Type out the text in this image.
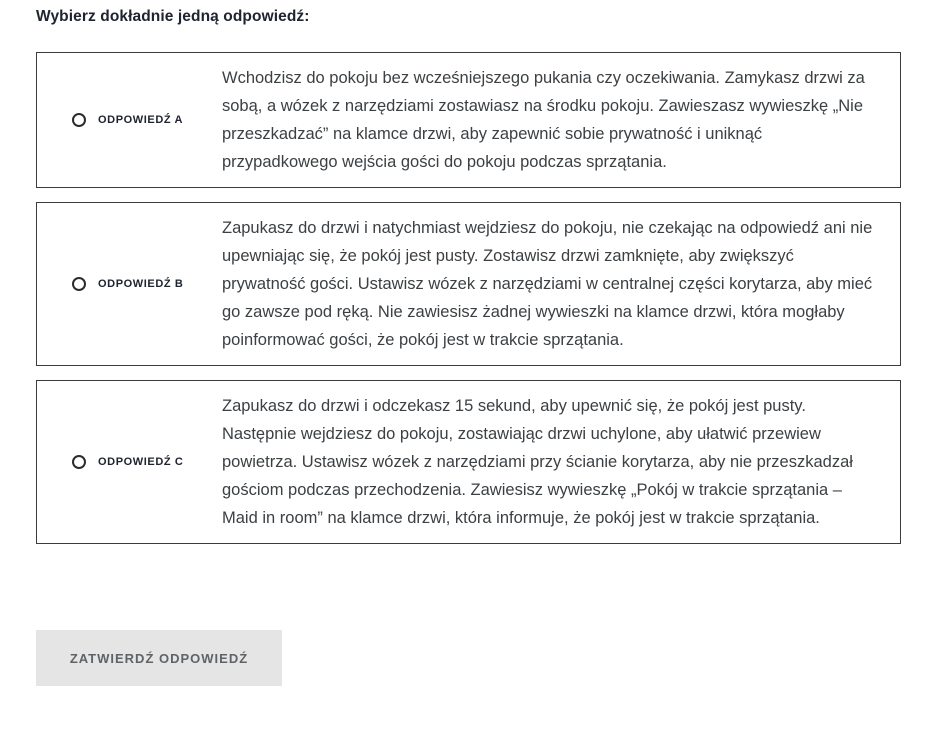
Wybierz dokładnie jedną odpowiedź:
ODPOWIEDŹ A
Wchodzisz do pokoju bez wcześniejszego pukania czy oczekiwania. Zamykasz drzwi za sobą, a wózek z narzędziami zostawiasz na środku pokoju. Zawieszasz wywieszkę „Nie przeszkadzać” na klamce drzwi, aby zapewnić sobie prywatność i uniknąć przypadkowego wejścia gości do pokoju podczas sprzątania.
ODPOWIEDŹ B
Zapukasz do drzwi i natychmiast wejdziesz do pokoju, nie czekając na odpowiedź ani nie upewniając się, że pokój jest pusty. Zostawisz drzwi zamknięte, aby zwiększyć prywatność gości. Ustawisz wózek z narzędziami w centralnej części korytarza, aby mieć go zawsze pod ręką. Nie zawiesisz żadnej wywieszki na klamce drzwi, która mogłaby poinformować gości, że pokój jest w trakcie sprzątania.
ODPOWIEDŹ C
Zapukasz do drzwi i odczekasz 15 sekund, aby upewnić się, że pokój jest pusty. Następnie wejdziesz do pokoju, zostawiając drzwi uchylone, aby ułatwić przewiew powietrza. Ustawisz wózek z narzędziami przy ścianie korytarza, aby nie przeszkadzał gościom podczas przechodzenia. Zawiesisz wywieszkę „Pokój w trakcie sprzątania – Maid in room” na klamce drzwi, która informuje, że pokój jest w trakcie sprzątania.
ZATWIERDŹ ODPOWIEDŹ
